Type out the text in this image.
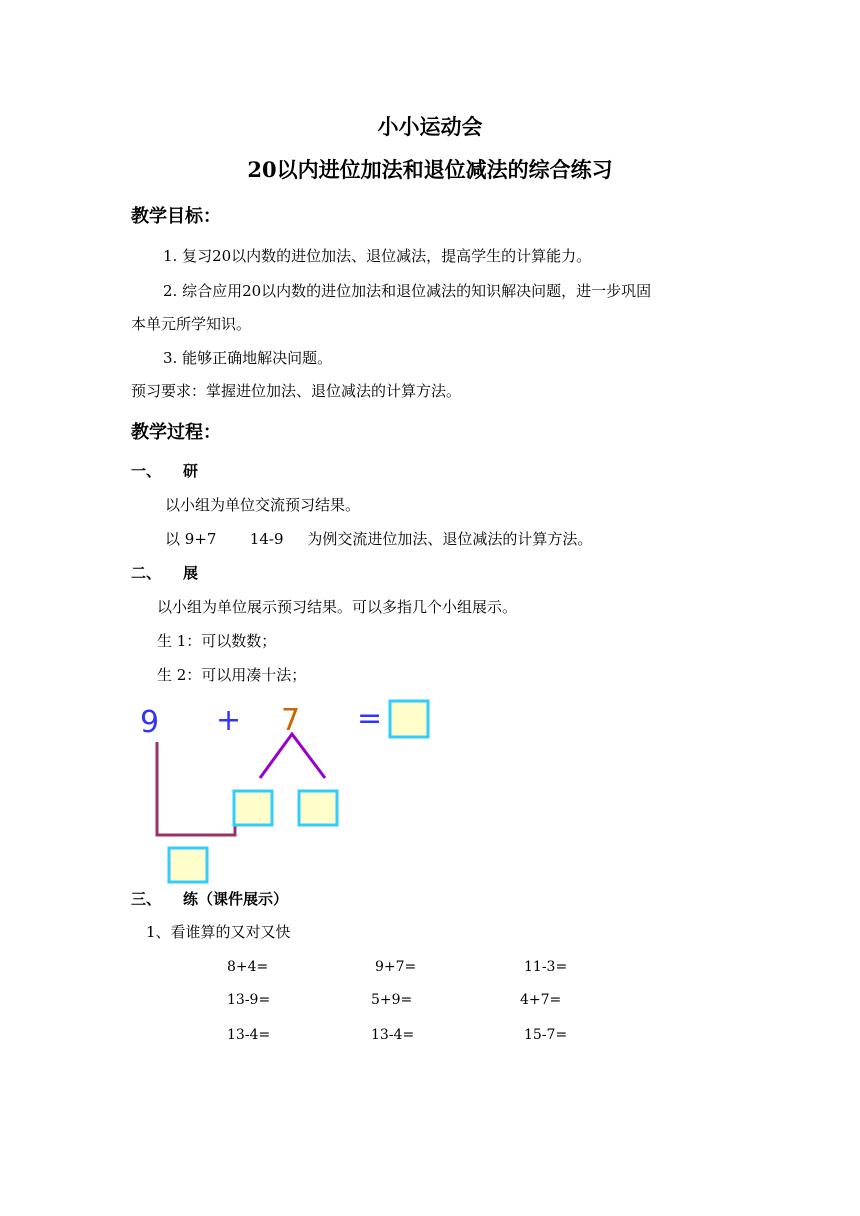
小小运动会
20以内进位加法和退位减法的综合练习
教学目标：
1. 复习20以内数的进位加法、退位减法，提高学生的计算能力。
2. 综合应用20以内数的进位加法和退位减法的知识解决问题，进一步巩固
本单元所学知识。
3. 能够正确地解决问题。
预习要求：掌握进位加法、退位减法的计算方法。
教学过程：
一、 研
以小组为单位交流预习结果。
以 9+7       14-9     为例交流进位加法、退位减法的计算方法。
二、 展
以小组为单位展示预习结果。可以多指几个小组展示。
生 1：可以数数；
生 2：可以用凑十法；
9 + 7 =
三、 练（课件展示）
1、看谁算的又对又快
8+4=	9+7=	11-3=
13-9=	5+9=	4+7=
13-4=	13-4=	15-7=
